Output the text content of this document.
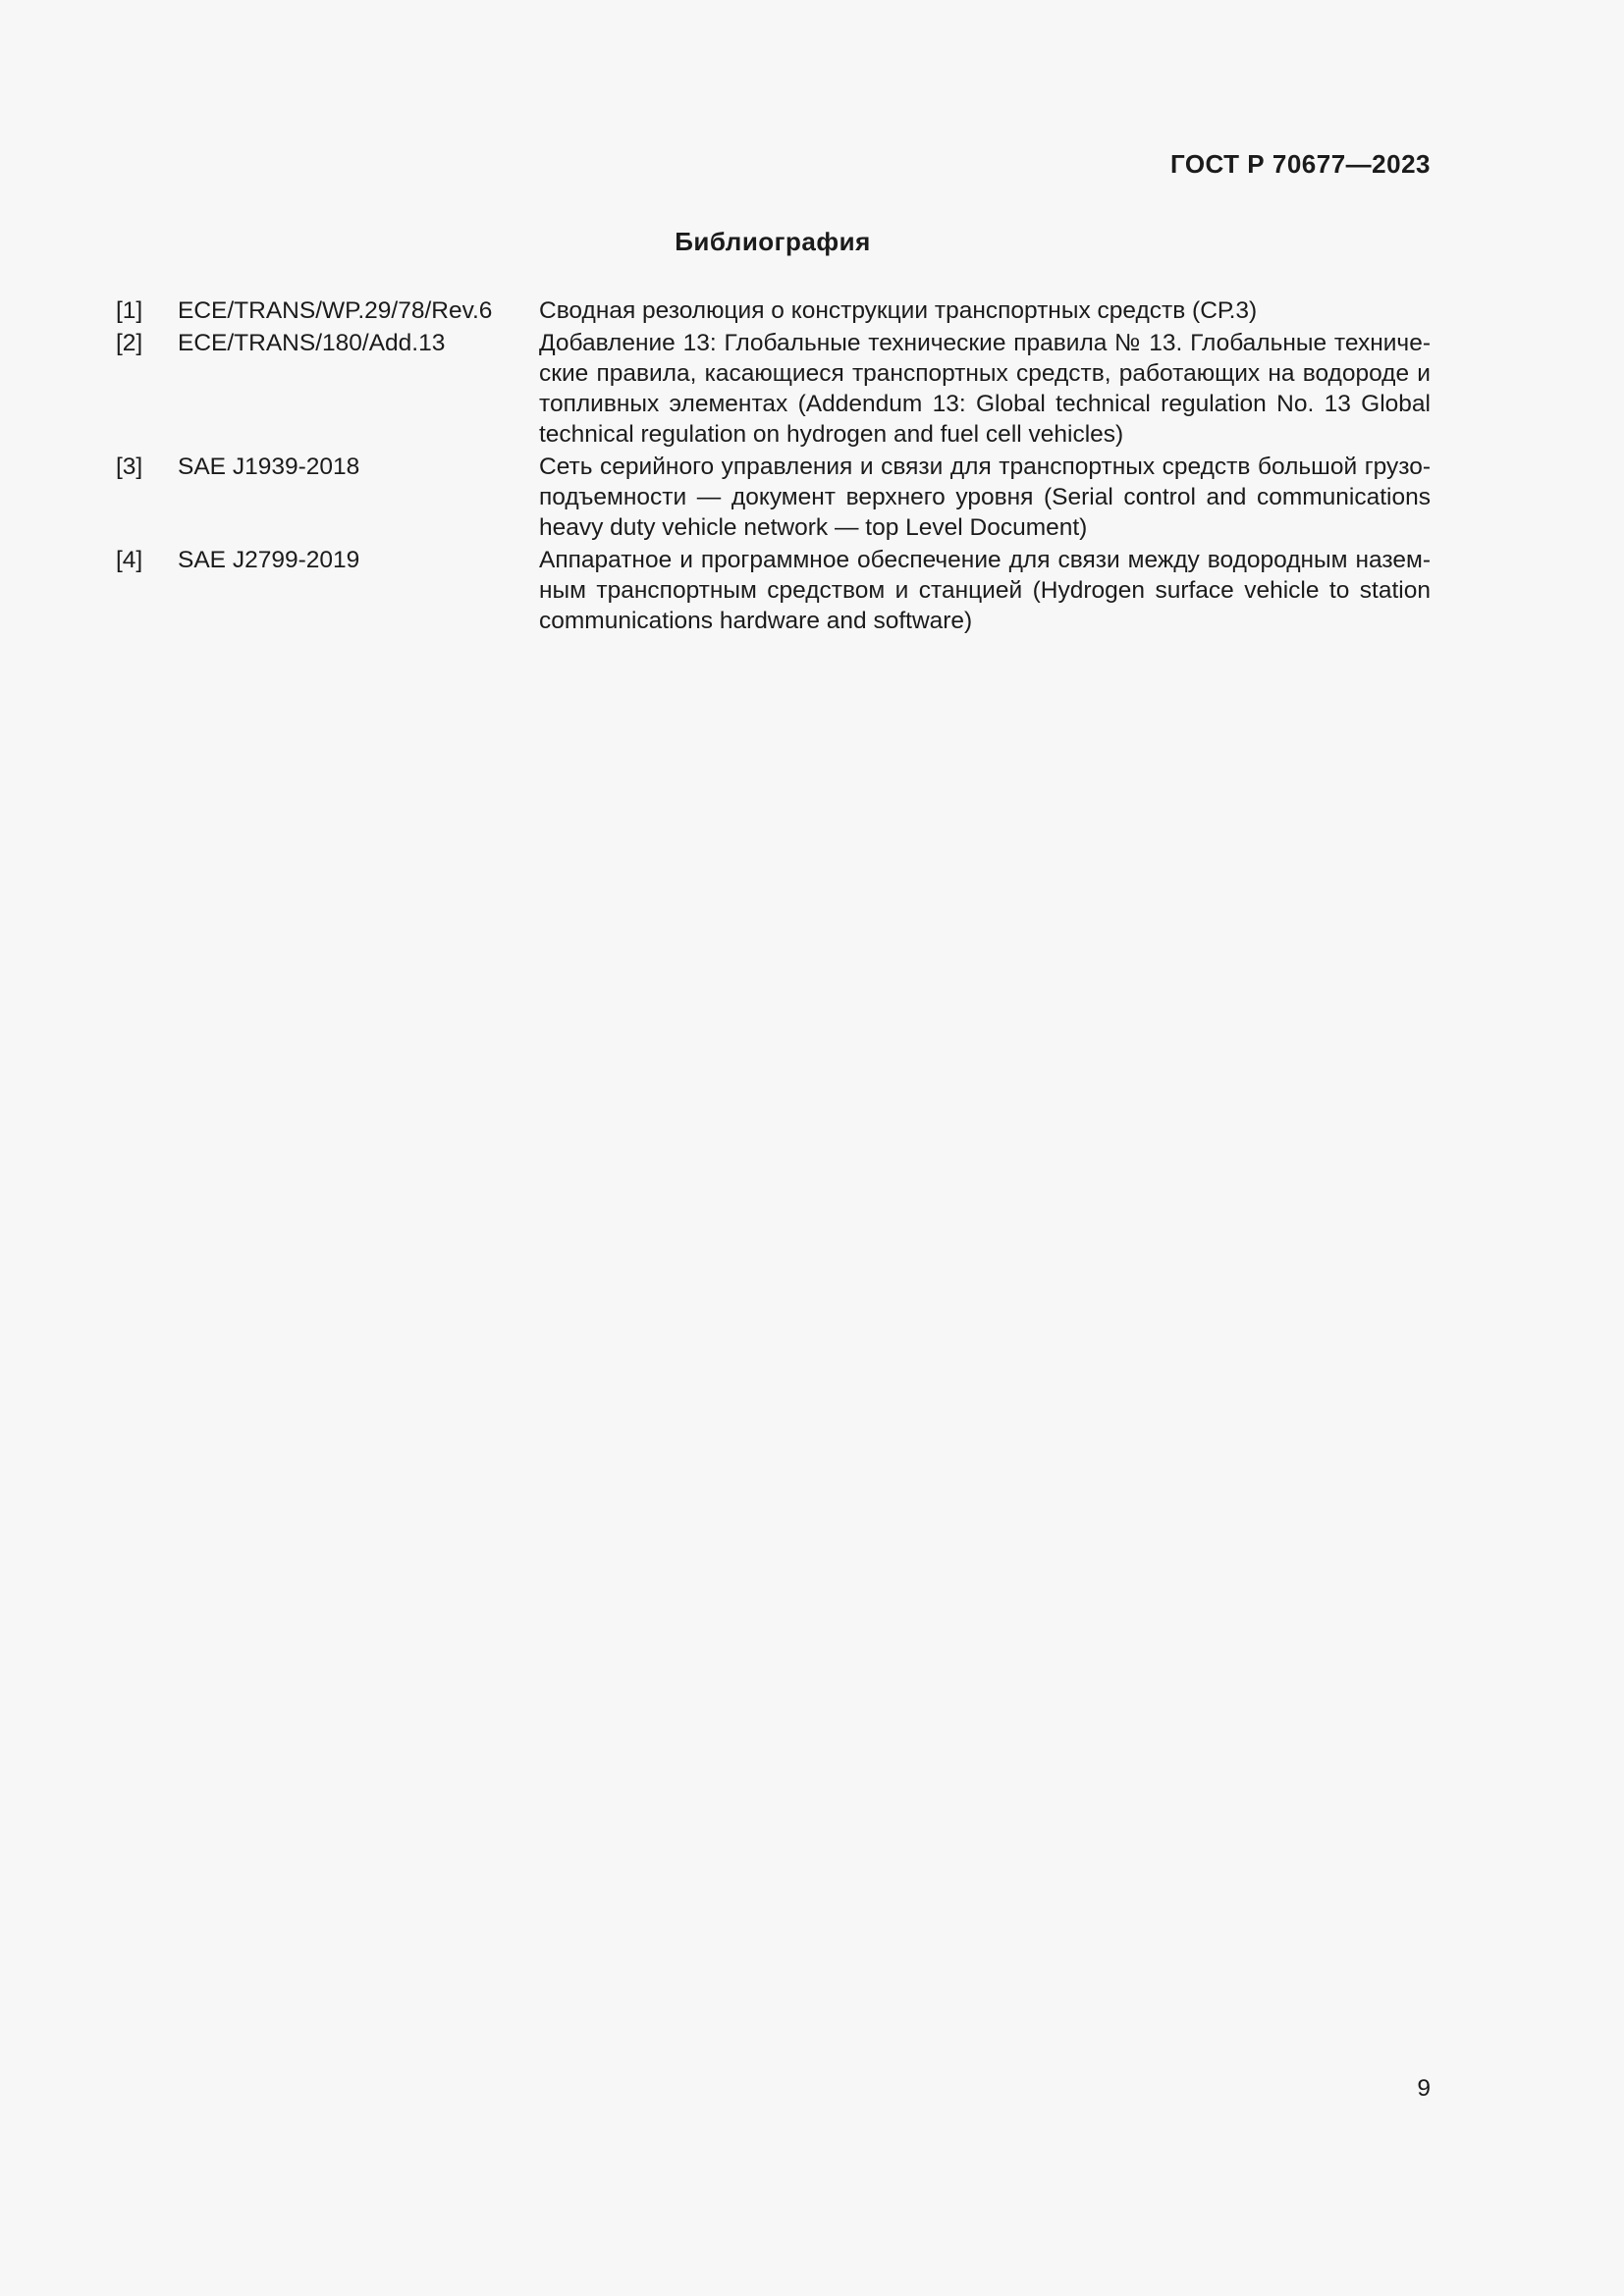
ГОСТ Р 70677—2023
Библиография
[1]	ECE/TRANS/WP.29/78/Rev.6	Сводная резолюция о конструкции транспортных средств (СР.3)
[2]	ECE/TRANS/180/Add.13	Добавление 13: Глобальные технические правила № 13. Глобальные технические правила, касающиеся транспортных средств, работающих на водороде и топливных элементах (Addendum 13: Global technical regulation No. 13 Global technical regulation on hydrogen and fuel cell vehicles)
[3]	SAE J1939-2018	Сеть серийного управления и связи для транспортных средств большой грузоподъемности — документ верхнего уровня (Serial control and communications heavy duty vehicle network — top Level Document)
[4]	SAE J2799-2019	Аппаратное и программное обеспечение для связи между водородным наземным транспортным средством и станцией (Hydrogen surface vehicle to station communications hardware and software)
9
